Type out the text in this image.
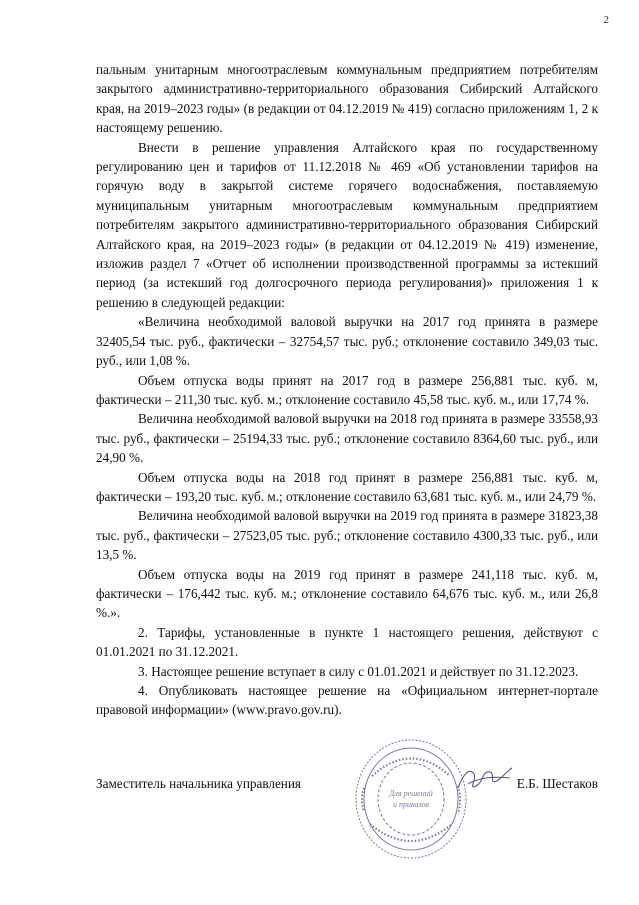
2

пальным унитарным многоотраслевым коммунальным предприятием потребителям закрытого административно-территориального образования Сибирский Алтайского края, на 2019–2023 годы» (в редакции от 04.12.2019 № 419) согласно приложениям 1, 2 к настоящему решению.

Внести в решение управления Алтайского края по государственному регулированию цен и тарифов от 11.12.2018 № 469 «Об установлении тарифов на горячую воду в закрытой системе горячего водоснабжения, поставляемую муниципальным унитарным многоотраслевым коммунальным предприятием потребителям закрытого административно-территориального образования Сибирский Алтайского края, на 2019–2023 годы» (в редакции от 04.12.2019 № 419) изменение, изложив раздел 7 «Отчет об исполнении производственной программы за истекший период (за истекший год долгосрочного периода регулирования)» приложения 1 к решению в следующей редакции:

«Величина необходимой валовой выручки на 2017 год принята в размере 32405,54 тыс. руб., фактически – 32754,57 тыс. руб.; отклонение составило 349,03 тыс. руб., или 1,08 %.

Объем отпуска воды принят на 2017 год в размере 256,881 тыс. куб. м, фактически – 211,30 тыс. куб. м.; отклонение составило 45,58 тыс. куб. м., или 17,74 %.

Величина необходимой валовой выручки на 2018 год принята в размере 33558,93 тыс. руб., фактически – 25194,33 тыс. руб.; отклонение составило 8364,60 тыс. руб., или 24,90 %.

Объем отпуска воды на 2018 год принят в размере 256,881 тыс. куб. м, фактически – 193,20 тыс. куб. м.; отклонение составило 63,681 тыс. куб. м., или 24,79 %.

Величина необходимой валовой выручки на 2019 год принята в размере 31823,38 тыс. руб., фактически – 27523,05 тыс. руб.; отклонение составило 4300,33 тыс. руб., или 13,5 %.

Объем отпуска воды на 2019 год принят в размере 241,118 тыс. куб. м, фактически – 176,442 тыс. куб. м.; отклонение составило 64,676 тыс. куб. м., или 26,8 %.».

2. Тарифы, установленные в пункте 1 настоящего решения, действуют с 01.01.2021 по 31.12.2021.

3. Настоящее решение вступает в силу с 01.01.2021 и действует по 31.12.2023.

4. Опубликовать настоящее решение на «Официальном интернет-портале правовой информации» (www.pravo.gov.ru).

Для решений
и приказов
Заместитель начальника управления	Е.Б. Шестаков
